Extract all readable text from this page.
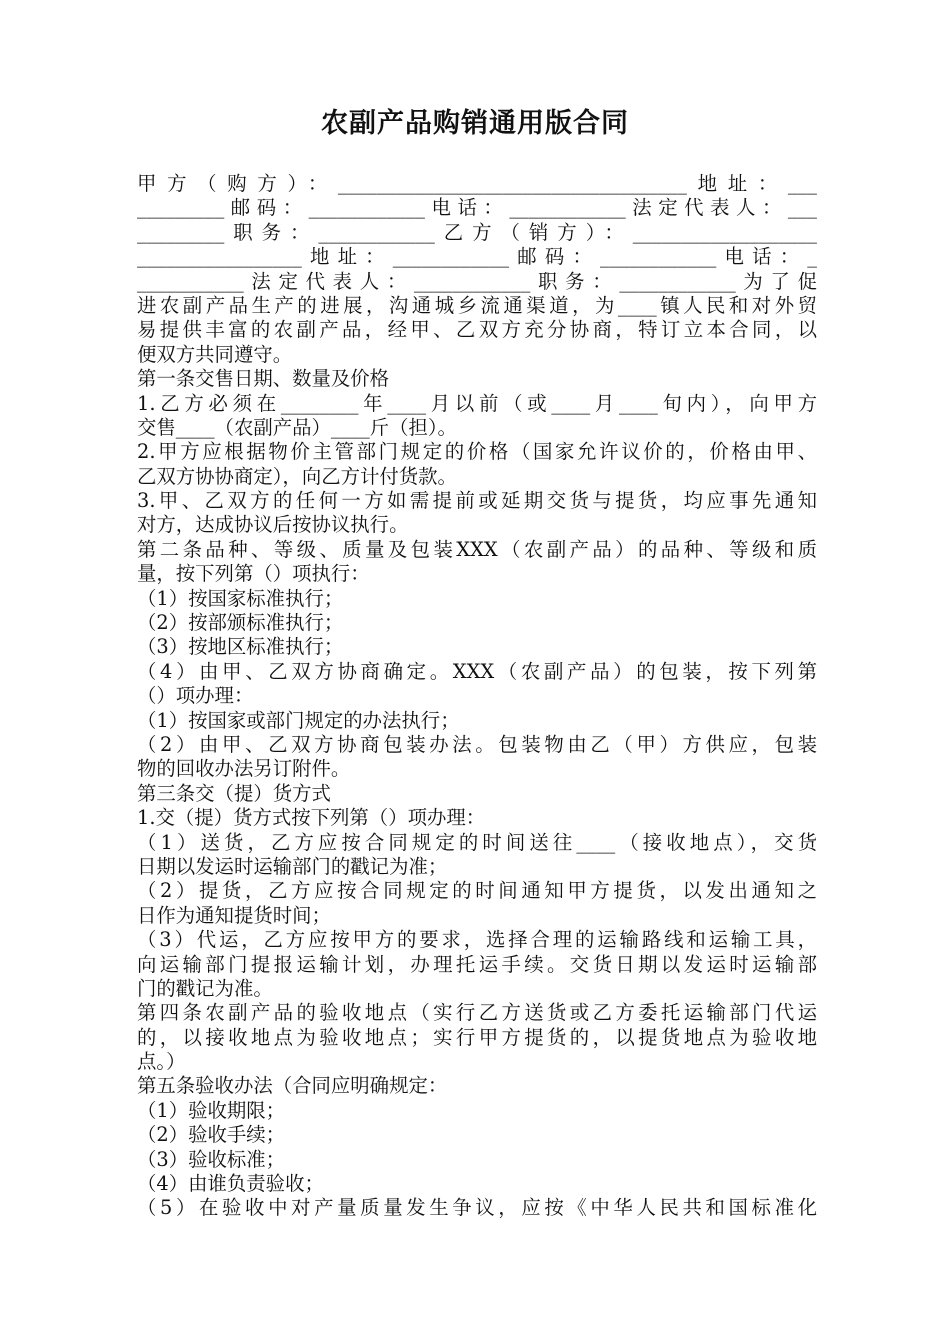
农副产品购销通用版合同
甲方（购方）：____________________________________地址：___
_________邮码：____________电话：____________法定代表人：___
_________职务：____________乙方（销方）：___________________
_________________地址：____________邮码：____________电话：_
___________法定代表人：____________职务：____________为了促
进农副产品生产的进展，沟通城乡流通渠道，为____镇人民和对外贸
易提供丰富的农副产品，经甲、乙双方充分协商，特订立本合同，以
便双方共同遵守。
第一条交售日期、数量及价格
1.乙方必须在________年____月以前（或____月____旬内），向甲方
交售____（农副产品）____斤（担）。
2.甲方应根据物价主管部门规定的价格（国家允许议价的，价格由甲、
乙双方协协商定），向乙方计付货款。
3.甲、乙双方的任何一方如需提前或延期交货与提货，均应事先通知
对方，达成协议后按协议执行。
第二条品种、等级、质量及包装XXX（农副产品）的品种、等级和质
量，按下列第（）项执行：
（1）按国家标准执行；
（2）按部颁标准执行；
（3）按地区标准执行；
（4）由甲、乙双方协商确定。XXX（农副产品）的包装，按下列第
（）项办理：
（1）按国家或部门规定的办法执行；
（2）由甲、乙双方协商包装办法。包装物由乙（甲）方供应，包装
物的回收办法另订附件。
第三条交（提）货方式
1.交（提）货方式按下列第（）项办理：
（1）送货，乙方应按合同规定的时间送往____（接收地点），交货
日期以发运时运输部门的戳记为准；
（2）提货，乙方应按合同规定的时间通知甲方提货，以发出通知之
日作为通知提货时间；
（3）代运，乙方应按甲方的要求，选择合理的运输路线和运输工具，
向运输部门提报运输计划，办理托运手续。交货日期以发运时运输部
门的戳记为准。
第四条农副产品的验收地点（实行乙方送货或乙方委托运输部门代运
的，以接收地点为验收地点；实行甲方提货的，以提货地点为验收地
点。）
第五条验收办法（合同应明确规定：
（1）验收期限；
（2）验收手续；
（3）验收标准；
（4）由谁负责验收；
（5）在验收中对产量质量发生争议，应按《中华人民共和国标准化
